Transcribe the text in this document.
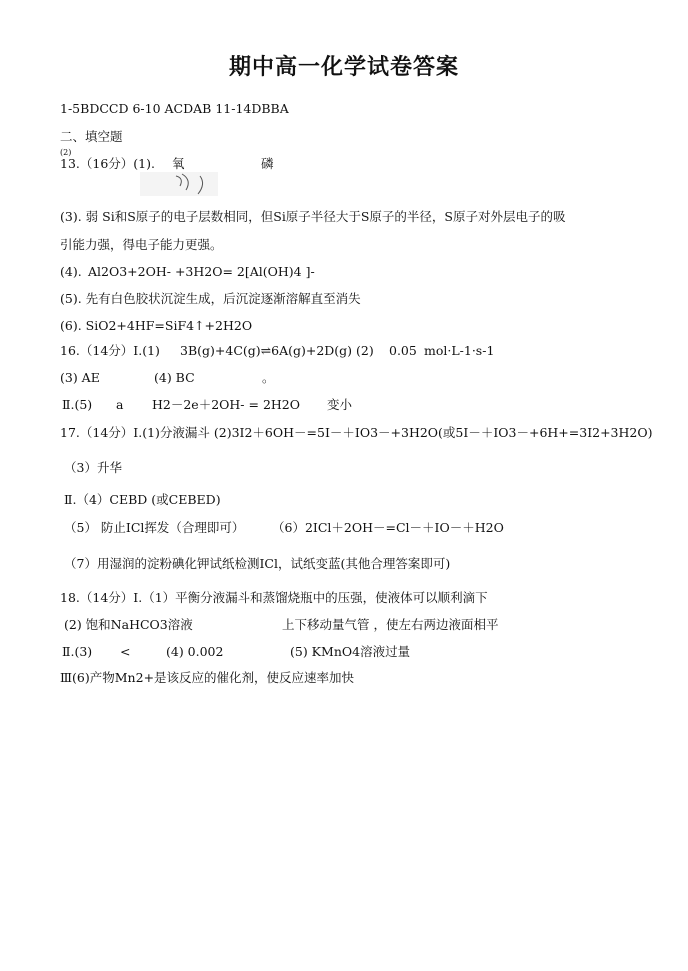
期中高一化学试卷答案
1-5BDCCD 6-10 ACDAB 11-14DBBA
二、填空题
(2)
13.（16分）(1). 氧	磷
(3). 弱 Si和S原子的电子层数相同，但Si原子半径大于S原子的半径，S原子对外层电子的吸
引能力强，得电子能力更强。
(4). Al2O3+2OH- +3H2O= 2[Al(OH)4 ]-
(5). 先有白色胶状沉淀生成，后沉淀逐渐溶解直至消失
(6). SiO2+4HF=SiF4↑+2H2O
16.（14分）Ⅰ.(1) 3B(g)+4C(g)⇌6A(g)+2D(g) (2) 0.05 mol·L-1·s-1
(3) AE	(4) BC	。
Ⅱ.(5) a H2－2e＋2OH- = 2H2O 变小
17.（14分）Ⅰ.(1)分液漏斗 (2)3I2＋6OH－=5I－＋IO3－+3H2O(或5I－＋IO3－+6H+=3I2+3H2O)
（3）升华
Ⅱ.（4）CEBD (或CEBED)
（5） 防止ICl挥发（合理即可） （6）2ICl＋2OH－=Cl－＋IO－＋H2O
（7）用湿润的淀粉碘化钾试纸检测ICl，试纸变蓝(其他合理答案即可)
18.（14分）Ⅰ.（1）平衡分液漏斗和蒸馏烧瓶中的压强，使液体可以顺利滴下
(2) 饱和NaHCO3溶液	上下移动量气管 ，使左右两边液面相平
Ⅱ.(3) <	(4) 0.002	(5) KMnO4溶液过量
Ⅲ(6)产物Mn2+是该反应的催化剂，使反应速率加快
